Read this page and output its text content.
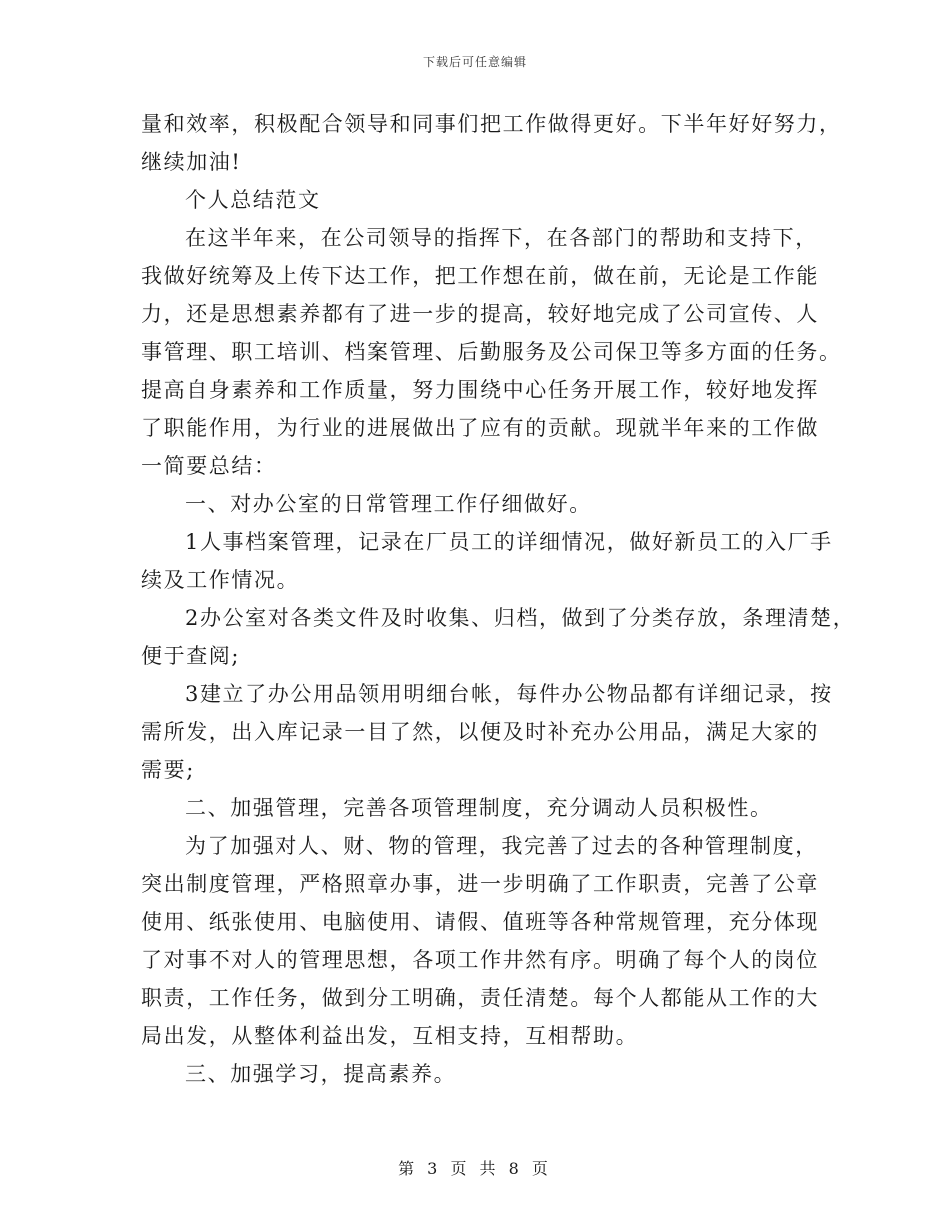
下载后可任意编辑
量和效率，积极配合领导和同事们把工作做得更好。下半年好好努力，
继续加油!
个人总结范文
在这半年来，在公司领导的指挥下，在各部门的帮助和支持下，
我做好统筹及上传下达工作，把工作想在前，做在前，无论是工作能
力，还是思想素养都有了进一步的提高，较好地完成了公司宣传、人
事管理、职工培训、档案管理、后勤服务及公司保卫等多方面的任务。
提高自身素养和工作质量，努力围绕中心任务开展工作，较好地发挥
了职能作用，为行业的进展做出了应有的贡献。现就半年来的工作做
一简要总结：
一、对办公室的日常管理工作仔细做好。
1人事档案管理，记录在厂员工的详细情况，做好新员工的入厂手
续及工作情况。
2办公室对各类文件及时收集、归档，做到了分类存放，条理清楚，
便于查阅;
3建立了办公用品领用明细台帐，每件办公物品都有详细记录，按
需所发，出入库记录一目了然，以便及时补充办公用品，满足大家的
需要;
二、加强管理，完善各项管理制度，充分调动人员积极性。
为了加强对人、财、物的管理，我完善了过去的各种管理制度，
突出制度管理，严格照章办事，进一步明确了工作职责，完善了公章
使用、纸张使用、电脑使用、请假、值班等各种常规管理，充分体现
了对事不对人的管理思想，各项工作井然有序。明确了每个人的岗位
职责，工作任务，做到分工明确，责任清楚。每个人都能从工作的大
局出发，从整体利益出发，互相支持，互相帮助。
三、加强学习，提高素养。
第 3 页 共 8 页
